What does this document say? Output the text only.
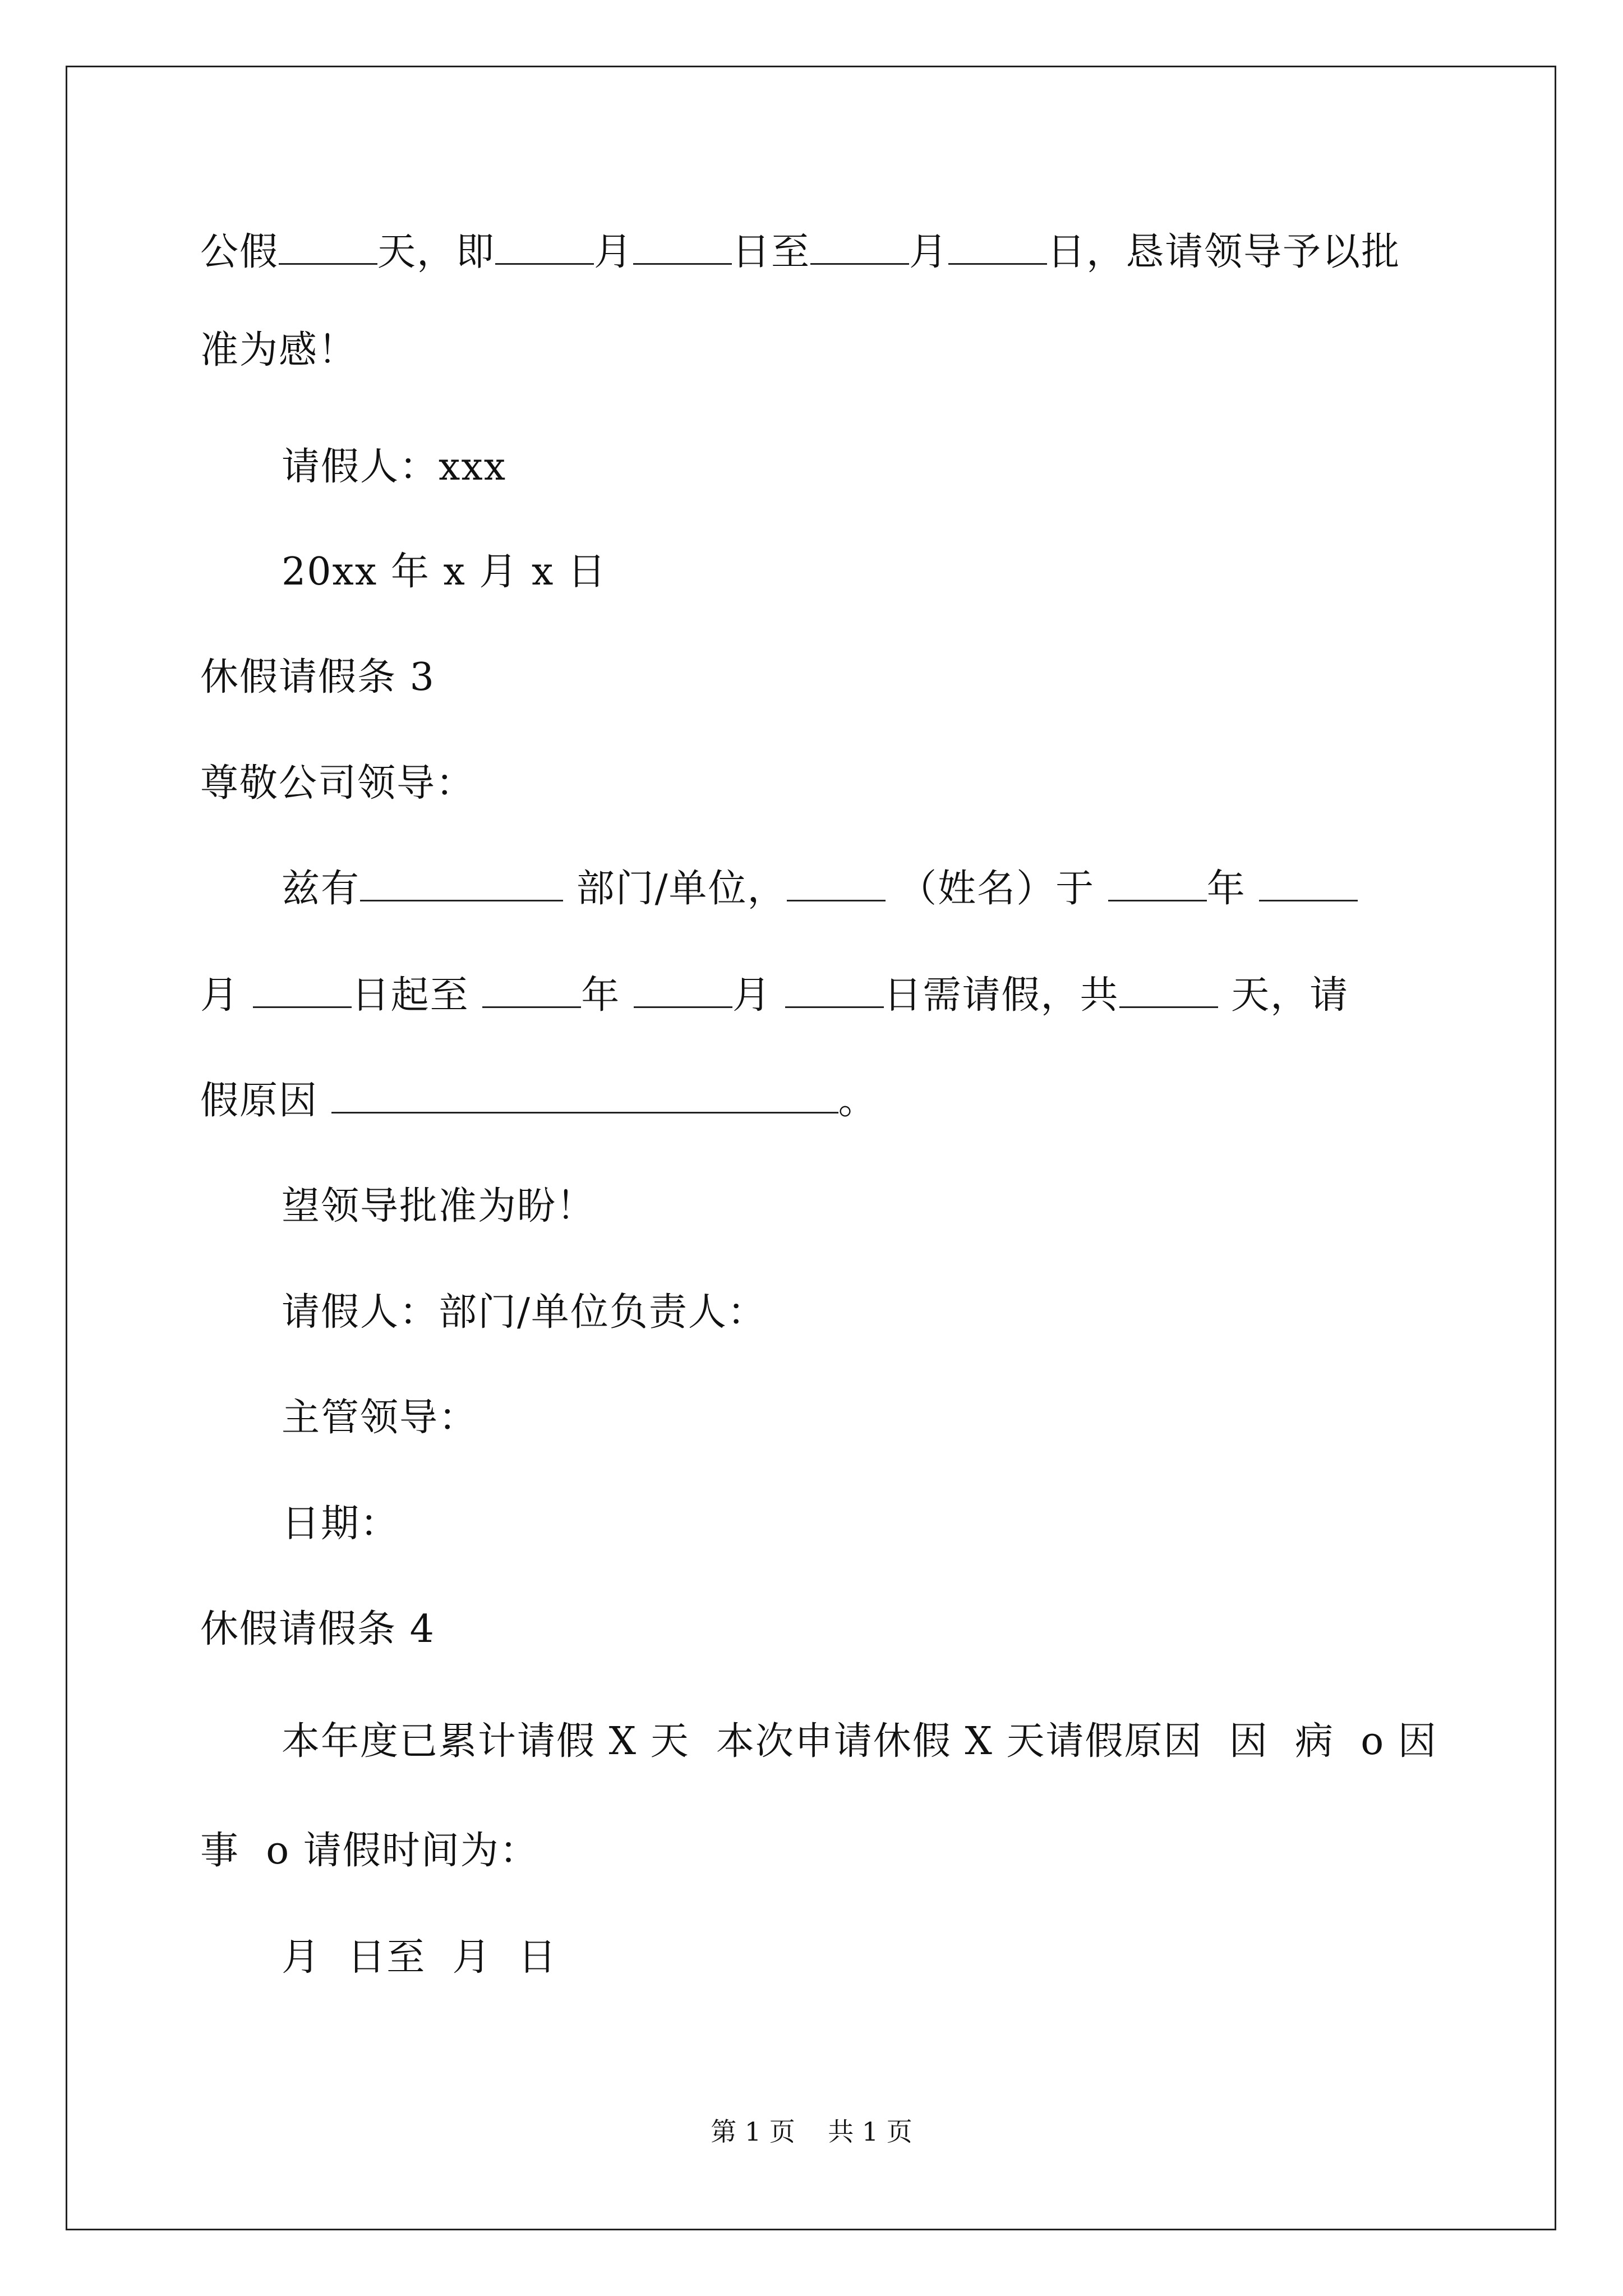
公假	天，即	月	日至	月	日，恳请领导予以批
准为感！
请假人：xxx
20xx 年 x 月 x 日
休假请假条 3
尊敬公司领导：
兹有	部门/单位，	（姓名）于	年
月	日起至	年	月	日需请假，共	天，请
假原因	。
望领导批准为盼！
请假人：部门/单位负责人：
主管领导：
日期：
休假请假条 4
本年度已累计请假 X 天  本次申请休假 X 天请假原因  因  病  o 因
事  o 请假时间为：
月  日至  月  日
第 1 页    共 1 页
